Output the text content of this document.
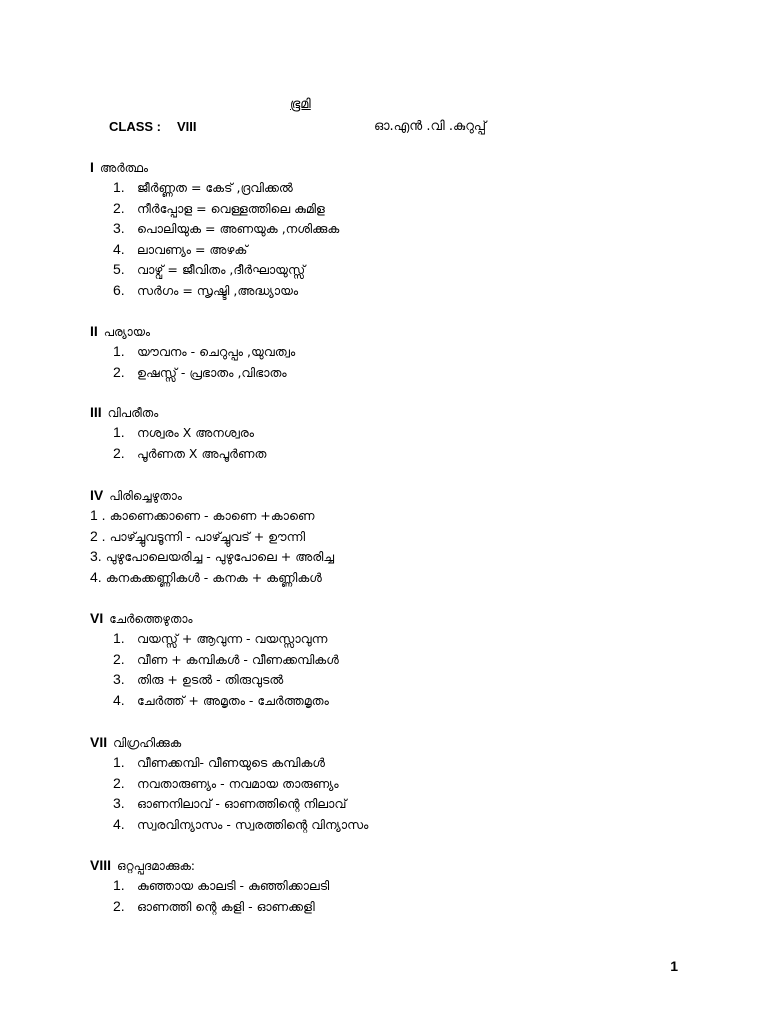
ഭൂമി
CLASS : VIII	ഓ.എൻ .വി .കുറുപ്പ്
I അർത്ഥം
1. ജീർണ്ണത = കേട് ,ദ്രവിക്കൽ
2. നീർപ്പോള = വെള്ളത്തിലെ കുമിള
3. പൊലിയുക = അണയുക ,നശിക്കുക
4. ലാവണ്യം = അഴക്
5. വാഴ്വ് = ജീവിതം ,ദീർഘായുസ്സ്
6. സർഗം = സൃഷ്ടി ,അദ്ധ്യായം
II പര്യായം
1. യൗവനം - ചെറുപ്പം ,യുവത്വം
2. ഉഷസ്സ് - പ്രഭാതം ,വിഭാതം
III വിപരീതം
1. നശ്വരം X അനശ്വരം
2. പൂർണത X അപൂർണത
IV പിരിച്ചെഴുതാം
1 . കാണെക്കാണെ - കാണെ +കാണെ
2 . പാഴ്ച്ചുവടൂന്നി - പാഴ്ച്ചുവട് + ഊന്നി
3. പുഴുപോലെയരിച്ച - പുഴുപോലെ + അരിച്ച
4. കനകക്കണ്ണികൾ - കനക + കണ്ണികൾ
VI ചേർത്തെഴുതാം
1. വയസ്സ് + ആവുന്ന - വയസ്സാവുന്ന
2. വീണ + കമ്പികൾ - വീണക്കമ്പികൾ
3. തിരു + ഉടൽ - തിരുവുടൽ
4. ചേർത്ത് + അമൃതം - ചേർത്തമൃതം
VII വിഗ്രഹിക്കുക
1. വീണക്കമ്പി- വീണയുടെ കമ്പികൾ
2. നവതാരുണ്യം - നവമായ താരുണ്യം
3. ഓണനിലാവ് - ഓണത്തിന്റെ നിലാവ്
4. സ്വരവിന്യാസം - സ്വരത്തിന്റെ വിന്യാസം
VIII ഒറ്റപ്പദമാക്കുക:
1. കുഞ്ഞായ കാലടി - കുഞ്ഞിക്കാലടി
2. ഓണത്തി ന്റെ കളി - ഓണക്കളി
1
